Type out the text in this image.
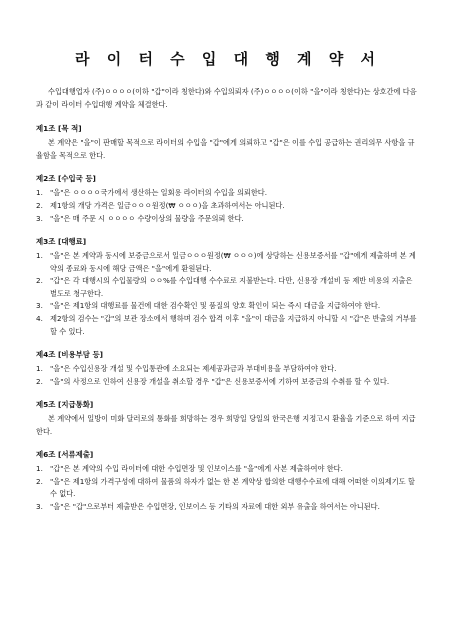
라 이 터 수 입 대 행 계 약 서

수입대행업자 (주)ㅇㅇㅇㅇ(이하 "갑"이라 칭한다)와 수입의뢰자 (주)ㅇㅇㅇㅇ(이하 "을"이라 칭한다)는 상호간에 다음과 같이 라이터 수입대행 계약을 체결한다.

제1조 [목 적]

본 계약은 "을"이 판매할 목적으로 라이터의 수입을 "갑"에게 의뢰하고 "갑"은 이를 수입 공급하는 권리의무 사항을 규율함을 목적으로 한다.

제2조 [수입국 등]
1. "을"은 ㅇㅇㅇㅇ국가에서 생산하는 일회용 라이터의 수입을 의뢰한다.
2. 제1항의 개당 가격은 일금ㅇㅇㅇ원정(₩ ㅇㅇㅇ)을 초과하여서는 아니된다.
3. "을"은 매 주문 시 ㅇㅇㅇㅇ 수량이상의 물량을 주문의뢰 한다.
제3조 [대행료]
1. "을"은 본 계약과 동시에 보증금으로서 일금ㅇㅇㅇ원정(₩ ㅇㅇㅇ)에 상당하는 신용보증서를 "갑"에게 제출하며 본 계약의 종료와 동시에 해당 금액은 "을"에게 환원된다.
2. "갑"은 각 대행시의 수입물량의 ㅇㅇ%를 수입대행 수수료로 지불받는다. 다만, 신용장 개설비 등 제반 비용의 지출은 별도로 청구한다.
3. "을"은 제1항의 대행료를 물건에 대한 검수확인 및 품질의 양호 확인이 되는 즉시 대금을 지급하여야 한다.
4. 제2항의 검수는 "갑"의 보관 장소에서 행하며 검수 합격 이후 "을"이 대금을 지급하지 아니할 시 "갑"은 반출의 거부를 할 수 있다.
제4조 [비용부담 등]
1. "을"은 수입신용장 개설 및 수입통관에 소요되는 제세공과금과 부대비용을 부담하여야 한다.
2. "을"의 사정으로 인하여 신용장 개설을 취소할 경우 "갑"은 신용보증서에 기하여 보증금의 수취를 할 수 있다.
제5조 [지급통화]

본 계약에서 일방이 미화 달러로의 통화를 희망하는 경우 희망일 당일의 한국은행 지정고시 환율을 기준으로 하여 지급한다.

제6조 [서류제출]
1. "갑"은 본 계약의 수입 라이터에 대한 수입면장 및 인보이스를 "을"에게 사본 제출하여야 한다.
2. "을"은 제1항의 가격구성에 대하여 물품의 하자가 없는 한 본 계약상 합의한 대행수수료에 대해 어떠한 이의제기도 할 수 없다.
3. "을"은 "갑"으로부터 제출받은 수입면장, 인보이스 등 기타의 자료에 대한 외부 유출을 하여서는 아니된다.
